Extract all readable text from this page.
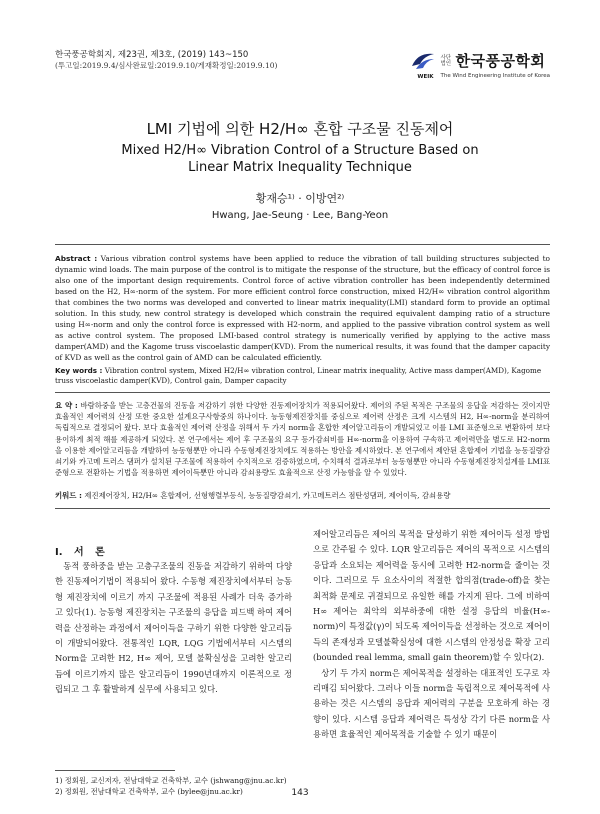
한국풍공학회지, 제23권, 제3호, (2019) 143~150
(투고일:2019.9.4/심사완료일:2019.9.10/게재확정일:2019.9.10)
WEIK
사단법인 한국풍공학회
The Wind Engineering Institute of Korea
LMI 기법에 의한 H2/H∞ 혼합 구조물 진동제어
Mixed H2/H∞ Vibration Control of a Structure Based on
Linear Matrix Inequality Technique
황재승¹⁾ · 이방연²⁾
Hwang, Jae-Seung · Lee, Bang-Yeon
Abstract : Various vibration control systems have been applied to reduce the vibration of tall building structures subjected to dynamic wind loads. The main purpose of the control is to mitigate the response of the structure, but the efficacy of control force is also one of the important design requirements. Control force of active vibration controller has been independently determined based on the H2, H∞-norm of the system. For more efficient control force construction, mixed H2/H∞ vibration control algorithm that combines the two norms was developed and converted to linear matrix inequality(LMI) standard form to provide an optimal solution. In this study, new control strategy is developed which constrain the required equivalent damping ratio of a structure using H∞-norm and only the control force is expressed with H2-norm, and applied to the passive vibration control system as well as active control system. The proposed LMI-based control strategy is numerically verified by applying to the active mass damper(AMD) and the Kagome truss viscoelastic damper(KVD). From the numerical results, it was found that the damper capacity of KVD as well as the control gain of AMD can be calculated efficiently.
Key words : Vibration control system, Mixed H2/H∞ vibration control, Linear matrix inequality, Active mass damper(AMD), Kagome truss viscoelastic damper(KVD), Control gain, Damper capacity
요 약 : 바람하중을 받는 고층건물의 진동을 저감하기 위한 다양한 진동제어장치가 적용되어왔다. 제어의 주된 목적은 구조물의 응답을 저감하는 것이지만 효율적인 제어력의 산정 또한 중요한 설계요구사항중의 하나이다. 능동형제진장치를 중심으로 제어력 산정은 크게 시스템의 H2, H∞-norm을 분리하여 독립적으로 결정되어 왔다. 보다 효율적인 제어력 산정을 위해서 두 가지 norm을 혼합한 제어알고리듬이 개발되었고 이를 LMI 표준형으로 변환하여 보다 용이하게 최적 해를 제공하게 되었다. 본 연구에서는 제어 후 구조물의 요구 등가감쇠비를 H∞-norm을 이용하여 구속하고 제어력만을 별도로 H2-norm을 이용한 제어알고리듬을 개발하여 능동형뿐만 아니라 수동형제진장치에도 적용하는 방안을 제시하였다. 본 연구에서 제안된 혼합제어 기법을 능동질량감쇠기와 카고메 트러스 댐퍼가 설치된 구조물에 적용하여 수치적으로 검증하였으며, 수치해석 결과로부터 능동형뿐만 아니라 수동형제진장치설계를 LMI표준형으로 전환하는 기법을 적용하면 제어이득뿐만 아니라 감쇠용량도 효율적으로 산정 가능함을 알 수 있었다.
키워드 : 제진제어장치, H2/H∞ 혼합제어, 선형행렬부등식, 능동질량감쇠기, 카고메트러스 점탄성댐퍼, 제어이득, 감쇠용량
I. 서 론

동적 풍하중을 받는 고층구조물의 진동을 저감하기 위하여 다양한 진동제어기법이 적용되어 왔다. 수동형 제진장치에서부터 능동형 제진장치에 이르기 까지 구조물에 적용된 사례가 더욱 증가하고 있다(1). 능동형 제진장치는 구조물의 응답을 피드백 하여 제어력을 산정하는 과정에서 제어이득을 구하기 위한 다양한 알고리듬이 개발되어왔다. 전통적인 LQR, LQG 기법에서부터 시스템의 Norm을 고려한 H2, H∞ 제어, 모델 불확실성을 고려한 알고리듬에 이르기까지 많은 알고리듬이 1990년대까지 이론적으로 정립되고 그 후 활발하게 실무에 사용되고 있다.

제어알고리듬은 제어의 목적을 달성하기 위한 제어이득 설정 방법으로 간주될 수 있다. LQR 알고리듬은 제어의 목적으로 시스템의 응답과 소요되는 제어력을 동시에 고려한 H2-norm을 줄이는 것이다. 그러므로 두 요소사이의 적절한 합의점(trade-off)을 찾는 최적화 문제로 귀결되므로 유일한 해를 가지게 된다. 그에 비하여 H∞ 제어는 최악의 외부하중에 대한 설정 응답의 비율(H∞-norm)이 특정값(γ)이 되도록 제어이득을 선정하는 것으로 제어이득의 존재성과 모델불확실성에 대한 시스템의 안정성을 확장 고리(bounded real lemma, small gain theorem)할 수 있다(2).

상기 두 가지 norm은 제어목적을 설정하는 대표적인 도구로 자리매김 되어왔다. 그러나 이들 norm을 독립적으로 제어목적에 사용하는 것은 시스템의 응답과 제어력의 구분을 모호하게 하는 경향이 있다. 시스템 응답과 제어력은 특성상 각기 다른 norm을 사용하면 효율적인 제어목적을 기술할 수 있기 때문이

1) 정회원, 교신저자, 전남대학교 건축학부, 교수 (jshwang@jnu.ac.kr)
2) 정회원, 전남대학교 건축학부, 교수 (bylee@jnu.ac.kr)	143
